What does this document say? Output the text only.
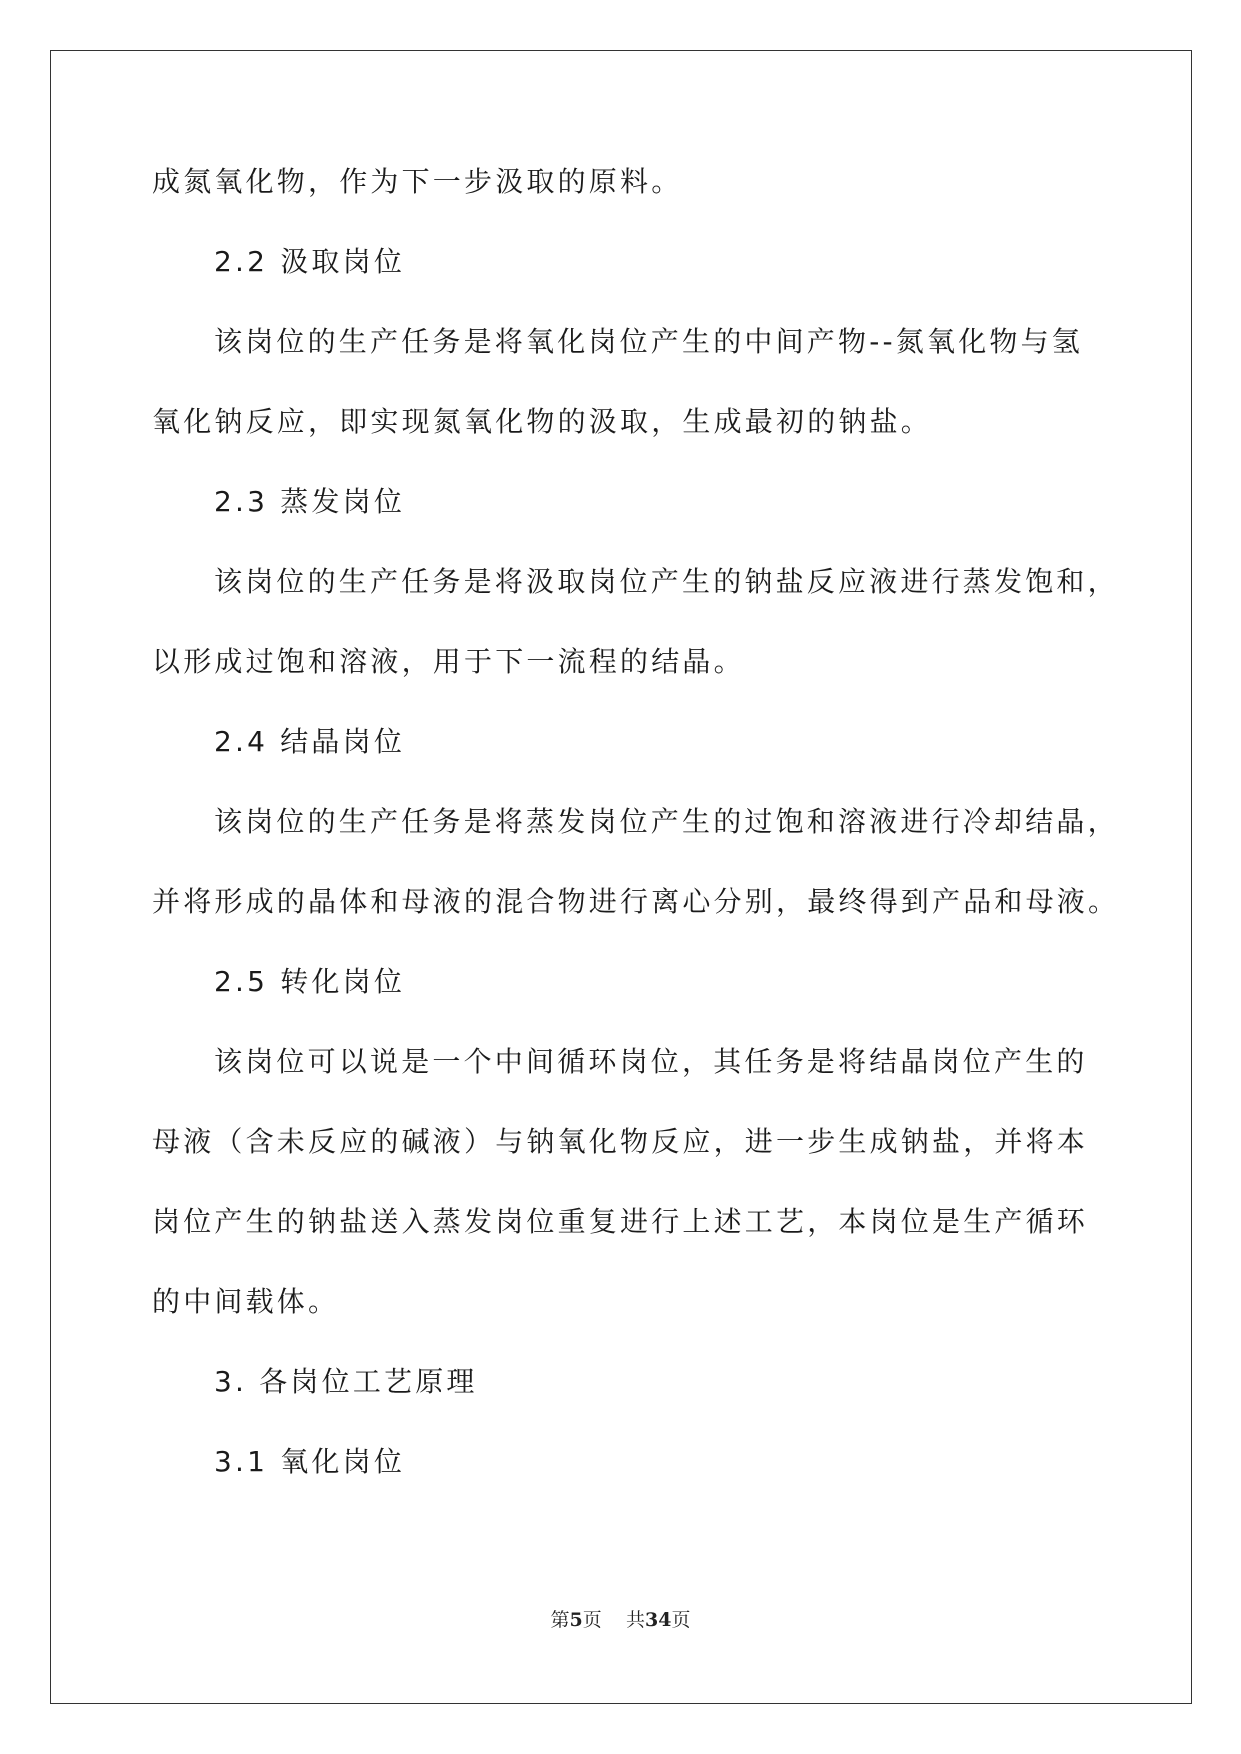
成氮氧化物，作为下一步汲取的原料。
2.2 汲取岗位
该岗位的生产任务是将氧化岗位产生的中间产物--氮氧化物与氢
氧化钠反应，即实现氮氧化物的汲取，生成最初的钠盐。
2.3 蒸发岗位
该岗位的生产任务是将汲取岗位产生的钠盐反应液进行蒸发饱和，
以形成过饱和溶液，用于下一流程的结晶。
2.4 结晶岗位
该岗位的生产任务是将蒸发岗位产生的过饱和溶液进行冷却结晶，
并将形成的晶体和母液的混合物进行离心分别，最终得到产品和母液。
2.5 转化岗位
该岗位可以说是一个中间循环岗位，其任务是将结晶岗位产生的
母液（含未反应的碱液）与钠氧化物反应，进一步生成钠盐，并将本
岗位产生的钠盐送入蒸发岗位重复进行上述工艺，本岗位是生产循环
的中间载体。
3. 各岗位工艺原理
3.1 氧化岗位
第5页 共34页
